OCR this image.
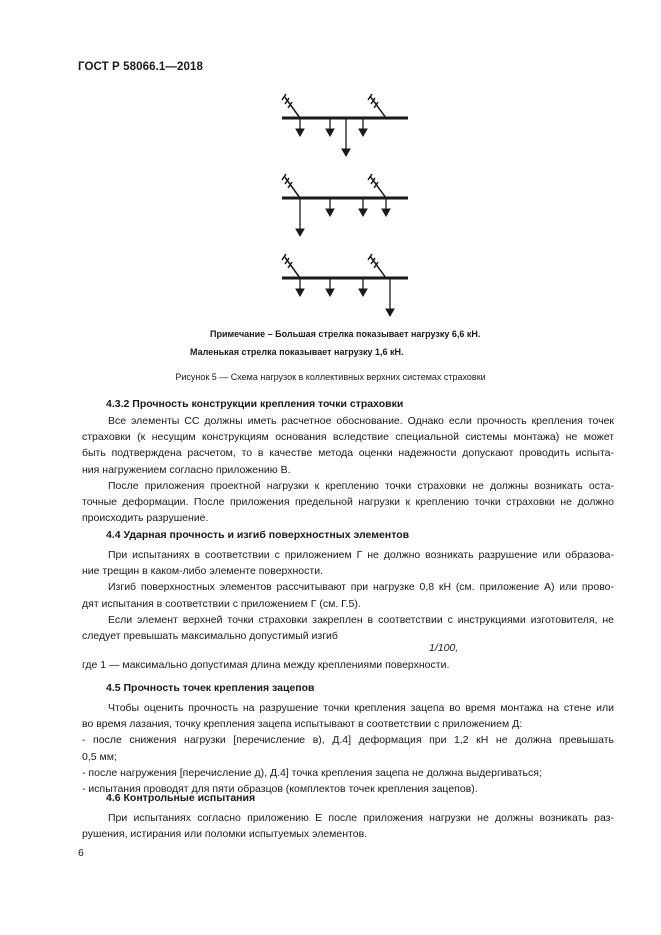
ГОСТ Р 58066.1—2018
Примечание – Большая стрелка показывает нагрузку 6,6 кН.
Маленькая стрелка показывает нагрузку 1,6 кН.
Рисунок 5 — Схема нагрузок в коллективных верхних системах страховки
4.3.2 Прочность конструкции крепления точки страховки
Все элементы СС должны иметь расчетное обоснование. Однако если прочность крепления точек
страховки (к несущим конструкциям основания вследствие специальной системы монтажа) не может
быть подтверждена расчетом, то в качестве метода оценки надежности допускают проводить испыта-
ния нагружением согласно приложению В.
После приложения проектной нагрузки к креплению точки страховки не должны возникать оста-
точные деформации. После приложения предельной нагрузки к креплению точки страховки не должно
происходить разрушение.
4.4 Ударная прочность и изгиб поверхностных элементов
При испытаниях в соответствии с приложением Г не должно возникать разрушение или образова-
ние трещин в каком-либо элементе поверхности.
Изгиб поверхностных элементов рассчитывают при нагрузке 0,8 кН (см. приложение А) или прово-
дят испытания в соответствии с приложением Г (см. Г.5).
Если элемент верхней точки страховки закреплен в соответствии с инструкциями изготовителя, не
следует превышать максимально допустимый изгиб
1/100,
где 1 — максимально допустимая длина между креплениями поверхности.
4.5 Прочность точек крепления зацепов
Чтобы оценить прочность на разрушение точки крепления зацепа во время монтажа на стене или
во время лазания, точку крепления зацепа испытывают в соответствии с приложением Д:
- после снижения нагрузки [перечисление в), Д.4] деформация при 1,2 кН не должна превышать
0,5 мм;
- после нагружения [перечисление д), Д.4] точка крепления зацепа не должна выдергиваться;
- испытания проводят для пяти образцов (комплектов точек крепления зацепов).
4.6 Контрольные испытания
При испытаниях согласно приложению Е после приложения нагрузки не должны возникать раз-
рушения, истирания или поломки испытуемых элементов.
6
